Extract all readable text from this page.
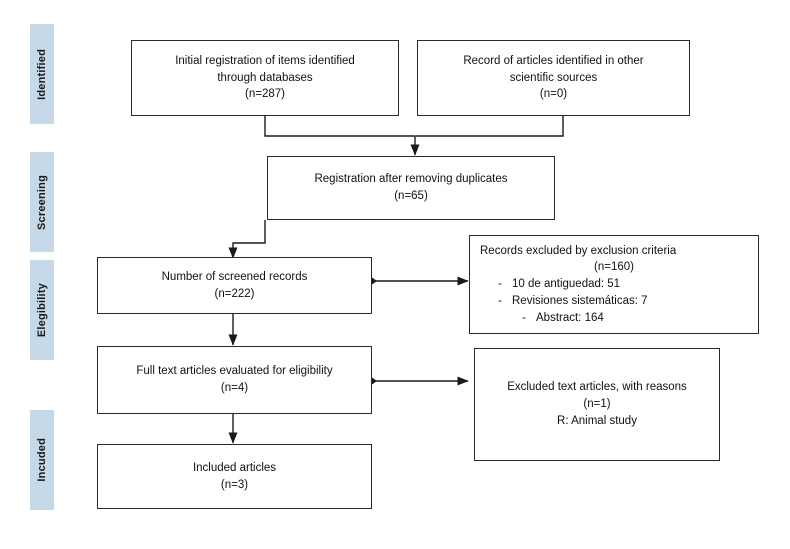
Identified
Screening
Elegibility
Incuded
Initial registration of items identified
through databases
(n=287)
Record of articles identified in other
scientific sources
(n=0)
Registration after removing duplicates
(n=65)
Number of screened records
(n=222)
Records excluded by exclusion criteria
(n=160)
- 10 de antiguedad: 51
- Revisiones sistemáticas: 7
- Abstract: 164
Full text articles evaluated for eligibility
(n=4)	Excluded text articles, with reasons
(n=1)
R: Animal study
Included articles
(n=3)
